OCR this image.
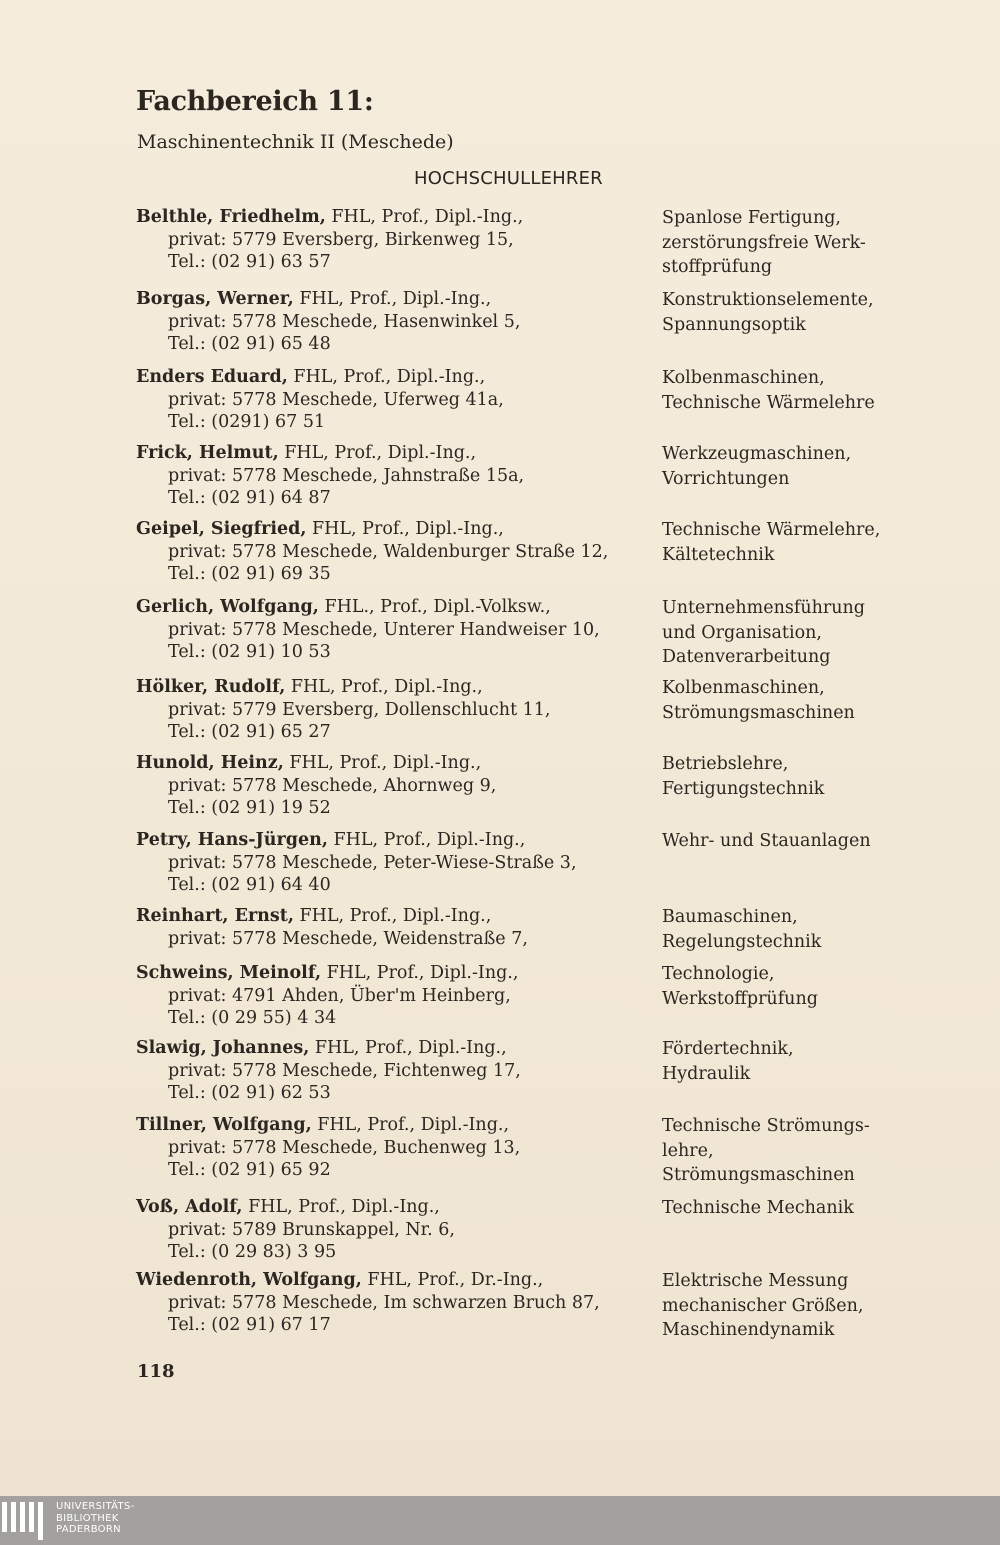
Fachbereich 11:
Maschinentechnik II (Meschede)
HOCHSCHULLEHRER
Belthle, Friedhelm, FHL, Prof., Dipl.-Ing.,
privat: 5779 Eversberg, Birkenweg 15,
Tel.: (02 91) 63 57
Spanlose Fertigung,
zerstörungsfreie Werk-
stoffprüfung
Borgas, Werner, FHL, Prof., Dipl.-Ing.,
privat: 5778 Meschede, Hasenwinkel 5,
Tel.: (02 91) 65 48
Konstruktionselemente,
Spannungsoptik
Enders Eduard, FHL, Prof., Dipl.-Ing.,
privat: 5778 Meschede, Uferweg 41a,
Tel.: (0291) 67 51
Kolbenmaschinen,
Technische Wärmelehre
Frick, Helmut, FHL, Prof., Dipl.-Ing.,
privat: 5778 Meschede, Jahnstraße 15a,
Tel.: (02 91) 64 87
Werkzeugmaschinen,
Vorrichtungen
Geipel, Siegfried, FHL, Prof., Dipl.-Ing.,
privat: 5778 Meschede, Waldenburger Straße 12,
Tel.: (02 91) 69 35
Technische Wärmelehre,
Kältetechnik
Gerlich, Wolfgang, FHL., Prof., Dipl.-Volksw.,
privat: 5778 Meschede, Unterer Handweiser 10,
Tel.: (02 91) 10 53
Unternehmensführung
und Organisation,
Datenverarbeitung
Hölker, Rudolf, FHL, Prof., Dipl.-Ing.,
privat: 5779 Eversberg, Dollenschlucht 11,
Tel.: (02 91) 65 27
Kolbenmaschinen,
Strömungsmaschinen
Hunold, Heinz, FHL, Prof., Dipl.-Ing.,
privat: 5778 Meschede, Ahornweg 9,
Tel.: (02 91) 19 52
Betriebslehre,
Fertigungstechnik
Petry, Hans-Jürgen, FHL, Prof., Dipl.-Ing.,
privat: 5778 Meschede, Peter-Wiese-Straße 3,
Tel.: (02 91) 64 40
Wehr- und Stauanlagen
Reinhart, Ernst, FHL, Prof., Dipl.-Ing.,
privat: 5778 Meschede, Weidenstraße 7,
Baumaschinen,
Regelungstechnik
Schweins, Meinolf, FHL, Prof., Dipl.-Ing.,
privat: 4791 Ahden, Über'm Heinberg,
Tel.: (0 29 55) 4 34
Technologie,
Werkstoffprüfung
Slawig, Johannes, FHL, Prof., Dipl.-Ing.,
privat: 5778 Meschede, Fichtenweg 17,
Tel.: (02 91) 62 53
Fördertechnik,
Hydraulik
Tillner, Wolfgang, FHL, Prof., Dipl.-Ing.,
privat: 5778 Meschede, Buchenweg 13,
Tel.: (02 91) 65 92
Technische Strömungs-
lehre,
Strömungsmaschinen
Voß, Adolf, FHL, Prof., Dipl.-Ing.,
privat: 5789 Brunskappel, Nr. 6,
Tel.: (0 29 83) 3 95
Technische Mechanik
Wiedenroth, Wolfgang, FHL, Prof., Dr.-Ing.,
privat: 5778 Meschede, Im schwarzen Bruch 87,
Tel.: (02 91) 67 17
Elektrische Messung
mechanischer Größen,
Maschinendynamik

118

UNIVERSITÄTS-
BIBLIOTHEK
PADERBORN
